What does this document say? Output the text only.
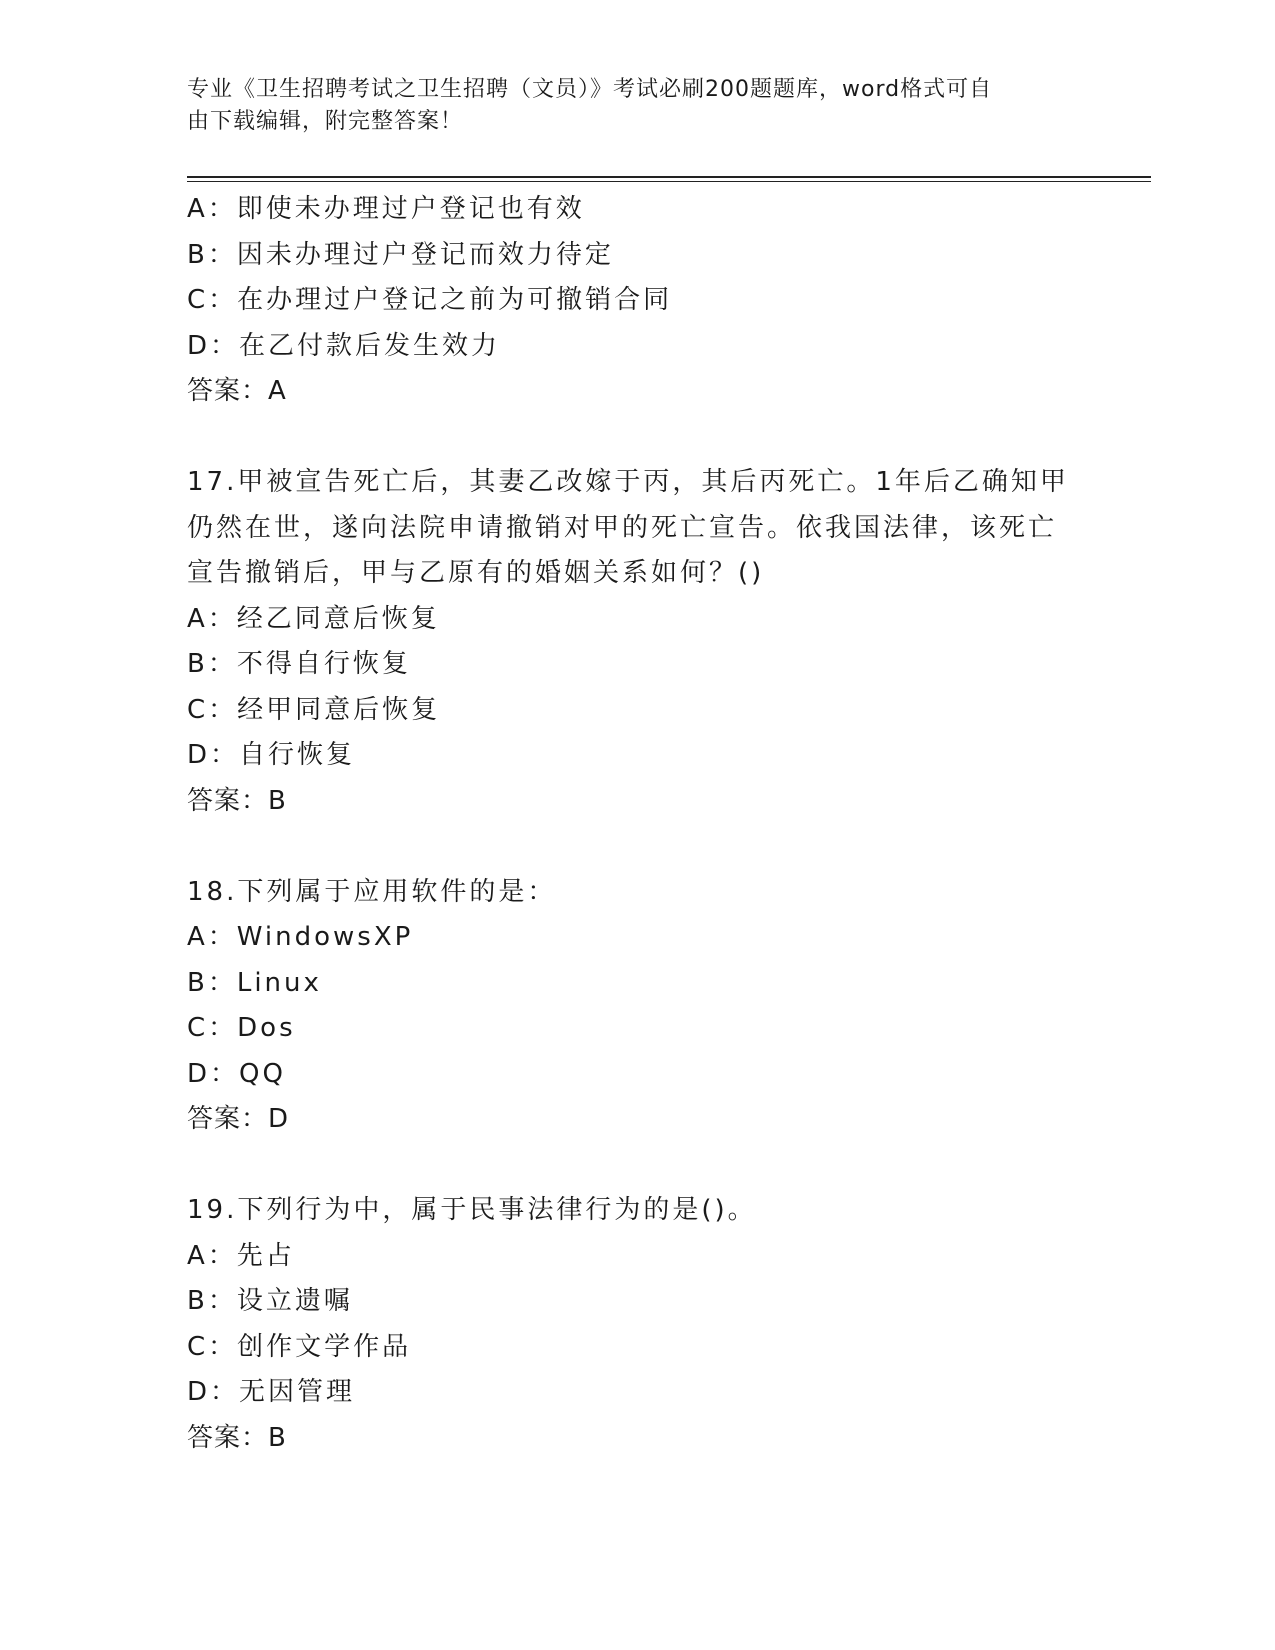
专业《卫生招聘考试之卫生招聘（文员）》考试必刷200题题库，word格式可自
由下载编辑，附完整答案！
A：即使未办理过户登记也有效
B：因未办理过户登记而效力待定
C：在办理过户登记之前为可撤销合同
D：在乙付款后发生效力
答案：A
17.甲被宣告死亡后，其妻乙改嫁于丙，其后丙死亡。1年后乙确知甲
仍然在世，遂向法院申请撤销对甲的死亡宣告。依我国法律，该死亡
宣告撤销后，甲与乙原有的婚姻关系如何？()
A：经乙同意后恢复
B：不得自行恢复
C：经甲同意后恢复
D：自行恢复
答案：B
18.下列属于应用软件的是：
A：WindowsXP
B：Linux
C：Dos
D：QQ
答案：D
19.下列行为中，属于民事法律行为的是()。
A：先占
B：设立遗嘱
C：创作文学作品
D：无因管理
答案：B
